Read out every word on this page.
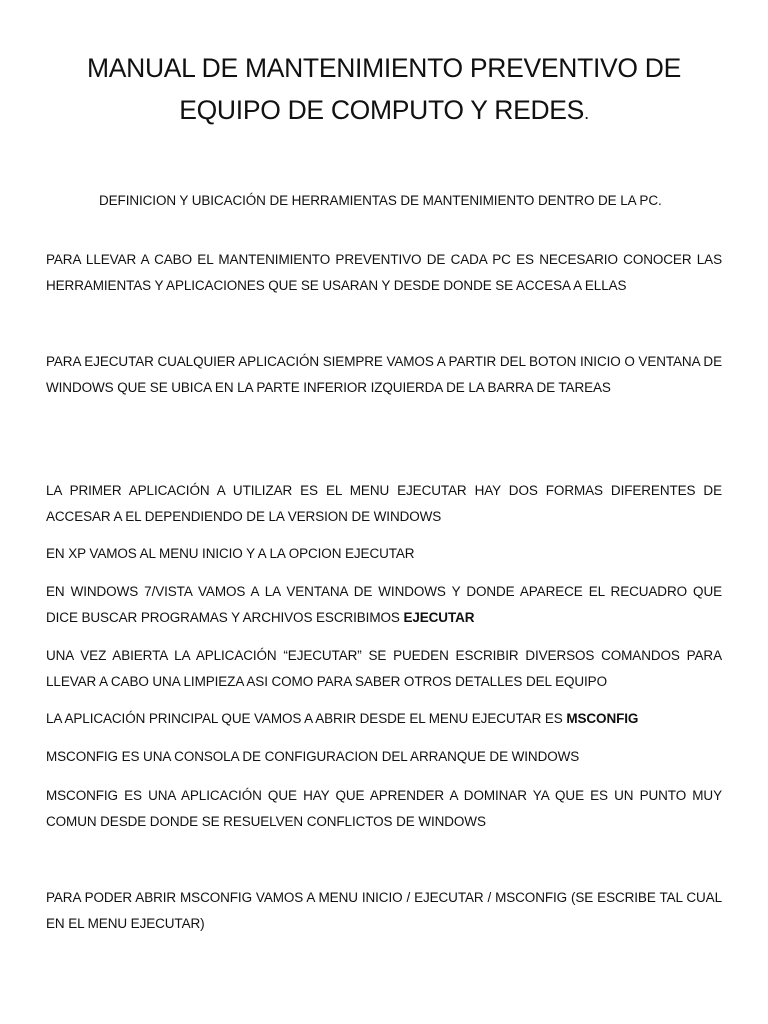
MANUAL DE MANTENIMIENTO PREVENTIVO DE
EQUIPO DE COMPUTO Y REDES.
DEFINICION Y UBICACIÓN DE HERRAMIENTAS DE MANTENIMIENTO DENTRO DE LA PC.
PARA LLEVAR A CABO EL MANTENIMIENTO PREVENTIVO DE CADA PC ES NECESARIO CONOCER LAS HERRAMIENTAS Y APLICACIONES QUE SE USARAN Y DESDE DONDE SE ACCESA A ELLAS
PARA EJECUTAR CUALQUIER APLICACIÓN SIEMPRE VAMOS A PARTIR DEL BOTON INICIO O VENTANA DE WINDOWS QUE SE UBICA EN LA PARTE INFERIOR IZQUIERDA DE LA BARRA DE TAREAS
LA PRIMER APLICACIÓN A UTILIZAR ES EL MENU EJECUTAR HAY DOS FORMAS DIFERENTES DE ACCESAR A EL DEPENDIENDO DE LA VERSION DE WINDOWS
EN XP VAMOS AL MENU INICIO Y A LA OPCION EJECUTAR
EN WINDOWS 7/VISTA VAMOS A LA VENTANA DE WINDOWS Y DONDE APARECE EL RECUADRO QUE DICE BUSCAR PROGRAMAS Y ARCHIVOS ESCRIBIMOS EJECUTAR
UNA VEZ ABIERTA LA APLICACIÓN “EJECUTAR” SE PUEDEN ESCRIBIR DIVERSOS COMANDOS PARA LLEVAR A CABO UNA LIMPIEZA ASI COMO PARA SABER OTROS DETALLES DEL EQUIPO
LA APLICACIÓN PRINCIPAL QUE VAMOS A ABRIR DESDE EL MENU EJECUTAR ES MSCONFIG
MSCONFIG ES UNA CONSOLA DE CONFIGURACION DEL ARRANQUE DE WINDOWS
MSCONFIG ES UNA APLICACIÓN QUE HAY QUE APRENDER A DOMINAR YA QUE ES UN PUNTO MUY COMUN DESDE DONDE SE RESUELVEN CONFLICTOS DE WINDOWS
PARA PODER ABRIR MSCONFIG VAMOS A MENU INICIO / EJECUTAR / MSCONFIG (SE ESCRIBE TAL CUAL EN EL MENU EJECUTAR)
